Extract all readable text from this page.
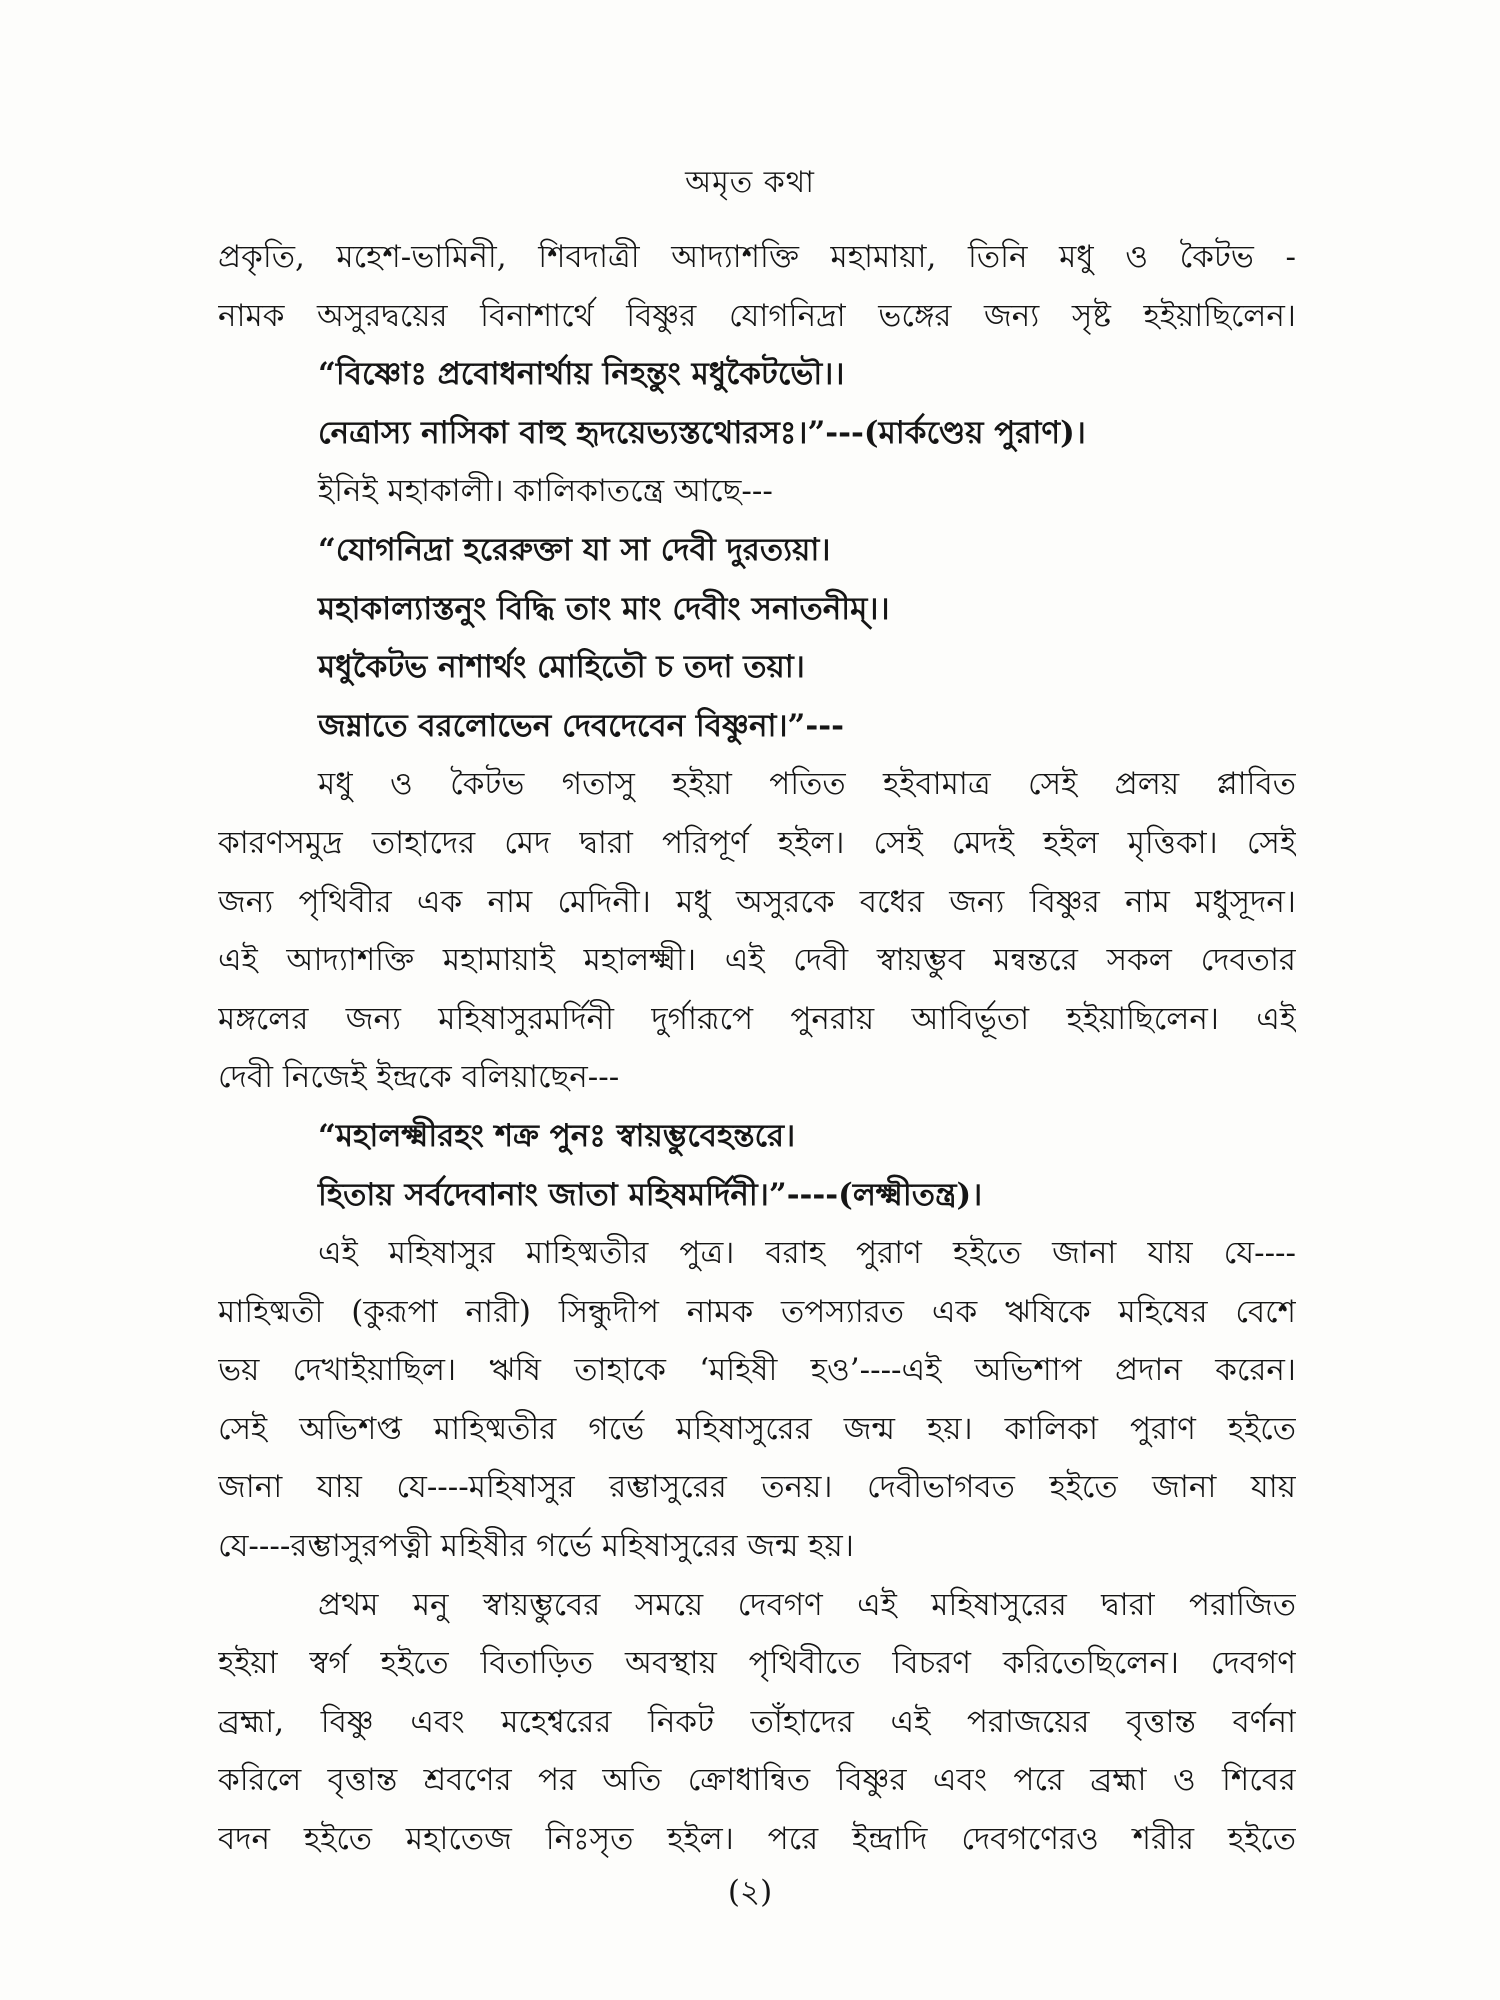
অমৃত কথা
প্রকৃতি, মহেশ-ভামিনী, শিবদাত্রী আদ্যাশক্তি মহামায়া, তিনি মধু ও কৈটভ -
নামক অসুরদ্বয়ের বিনাশার্থে বিষ্ণুর যোগনিদ্রা ভঙ্গের জন্য সৃষ্ট হইয়াছিলেন।
“বিষ্ণোঃ প্রবোধনার্থায় নিহন্তুং মধুকৈটভৌ।।
নেত্রাস্য নাসিকা বাহু হৃদয়েভ্যস্তথোরসঃ।”---(মার্কণ্ডেয় পুরাণ)।
ইনিই মহাকালী। কালিকাতন্ত্রে আছে---
“যোগনিদ্রা হরেরুক্তা যা সা দেবী দুরত্যয়া।
মহাকাল্যাস্তনুং বিদ্ধি তাং মাং দেবীং সনাতনীম্।।
মধুকৈটভ নাশার্থং মোহিতৌ চ তদা তয়া।
জম্নাতে বরলোভেন দেবদেবেন বিষ্ণুনা।”---
মধু ও কৈটভ গতাসু হইয়া পতিত হইবামাত্র সেই প্রলয় প্লাবিত
কারণসমুদ্র তাহাদের মেদ দ্বারা পরিপূর্ণ হইল। সেই মেদই হইল মৃত্তিকা। সেই
জন্য পৃথিবীর এক নাম মেদিনী। মধু অসুরকে বধের জন্য বিষ্ণুর নাম মধুসূদন।
এই আদ্যাশক্তি মহামায়াই মহালক্ষ্মী। এই দেবী স্বায়ম্ভুব মন্বন্তরে সকল দেবতার
মঙ্গলের জন্য মহিষাসুরমর্দিনী দুর্গারূপে পুনরায় আবির্ভূতা হইয়াছিলেন। এই
দেবী নিজেই ইন্দ্রকে বলিয়াছেন---
“মহালক্ষ্মীরহং শক্র পুনঃ স্বায়ম্ভুবেহন্তরে।
হিতায় সর্বদেবানাং জাতা মহিষমর্দিনী।”----(লক্ষ্মীতন্ত্র)।
এই মহিষাসুর মাহিষ্মতীর পুত্র। বরাহ পুরাণ হইতে জানা যায় যে----
মাহিষ্মতী (কুরূপা নারী) সিন্ধুদীপ নামক তপস্যারত এক ঋষিকে মহিষের বেশে
ভয় দেখাইয়াছিল। ঋষি তাহাকে ‘মহিষী হও’----এই অভিশাপ প্রদান করেন।
সেই অভিশপ্ত মাহিষ্মতীর গর্ভে মহিষাসুরের জন্ম হয়। কালিকা পুরাণ হইতে
জানা যায় যে----মহিষাসুর রম্ভাসুরের তনয়। দেবীভাগবত হইতে জানা যায়
যে----রম্ভাসুরপত্নী মহিষীর গর্ভে মহিষাসুরের জন্ম হয়।
প্রথম মনু স্বায়ম্ভুবের সময়ে দেবগণ এই মহিষাসুরের দ্বারা পরাজিত
হইয়া স্বর্গ হইতে বিতাড়িত অবস্থায় পৃথিবীতে বিচরণ করিতেছিলেন। দেবগণ
ব্রহ্মা, বিষ্ণু এবং মহেশ্বরের নিকট তাঁহাদের এই পরাজয়ের বৃত্তান্ত বর্ণনা
করিলে বৃত্তান্ত শ্রবণের পর অতি ক্রোধান্বিত বিষ্ণুর এবং পরে ব্রহ্মা ও শিবের
বদন হইতে মহাতেজ নিঃসৃত হইল। পরে ইন্দ্রাদি দেবগণেরও শরীর হইতে
(২)
